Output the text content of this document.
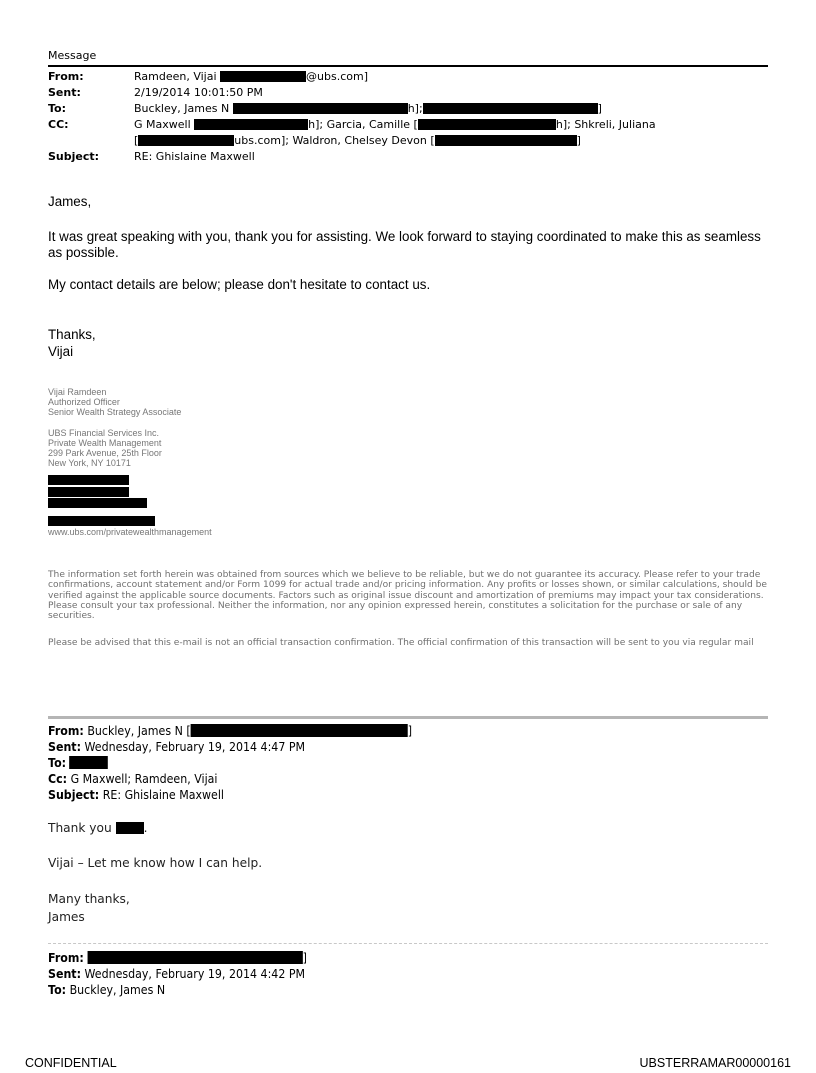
Message
From:	Ramdeen, Vijai	@ubs.com]
Sent:	2/19/2014 10:01:50 PM
To:	Buckley, James N	h];	]
CC:	G Maxwell	h]; Garcia, Camille [	h]; Shkreli, Juliana
[	ubs.com]; Waldron, Chelsey Devon [	]
Subject:	RE: Ghislaine Maxwell
James,
It was great speaking with you, thank you for assisting. We look forward to staying coordinated to make this as seamless as possible.
My contact details are below; please don't hesitate to contact us.
Thanks,
Vijai
Vijai Ramdeen
Authorized Officer
Senior Wealth Strategy Associate
UBS Financial Services Inc.
Private Wealth Management
299 Park Avenue, 25th Floor
New York, NY 10171
www.ubs.com/privatewealthmanagement
The information set forth herein was obtained from sources which we believe to be reliable, but we do not guarantee its accuracy. Please refer to your trade confirmations, account statement and/or Form 1099 for actual trade and/or pricing information. Any profits or losses shown, or similar calculations, should be verified against the applicable source documents. Factors such as original issue discount and amortization of premiums may impact your tax considerations. Please consult your tax professional. Neither the information, nor any opinion expressed herein, constitutes a solicitation for the purchase or sale of any securities.
Please be advised that this e-mail is not an official transaction confirmation. The official confirmation of this transaction will be sent to you via regular mail
From: Buckley, James N [	]
Sent: Wednesday, February 19, 2014 4:47 PM
To:
Cc: G Maxwell; Ramdeen, Vijai
Subject: RE: Ghislaine Maxwell
Thank you	.
Vijai – Let me know how I can help.
Many thanks,
James
From:	]
Sent: Wednesday, February 19, 2014 4:42 PM
To: Buckley, James N
CONFIDENTIAL	UBSTERRAMAR00000161
